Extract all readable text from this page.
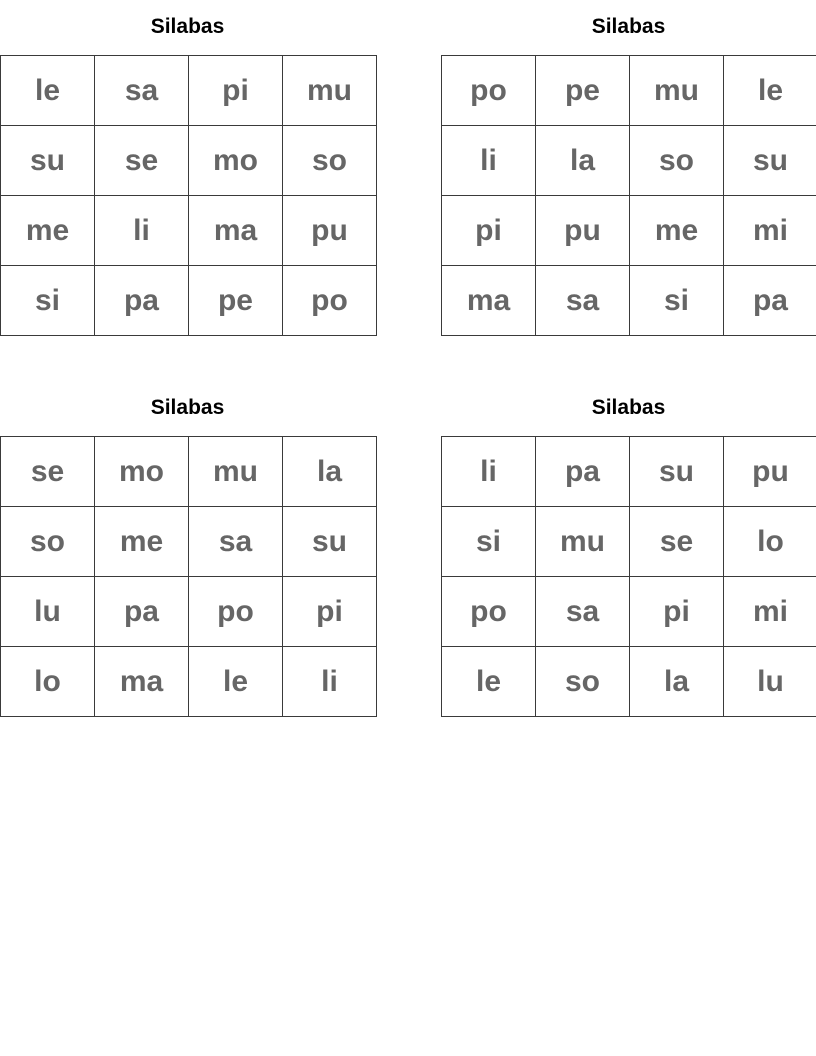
Silabas
le	sa	pi	mu
su	se	mo	so
me	li	ma	pu
si	pa	pe	po
Silabas
po	pe	mu	le
li	la	so	su
pi	pu	me	mi
ma	sa	si	pa
Silabas
se	mo	mu	la
so	me	sa	su
lu	pa	po	pi
lo	ma	le	li
Silabas
li	pa	su	pu
si	mu	se	lo
po	sa	pi	mi
le	so	la	lu
